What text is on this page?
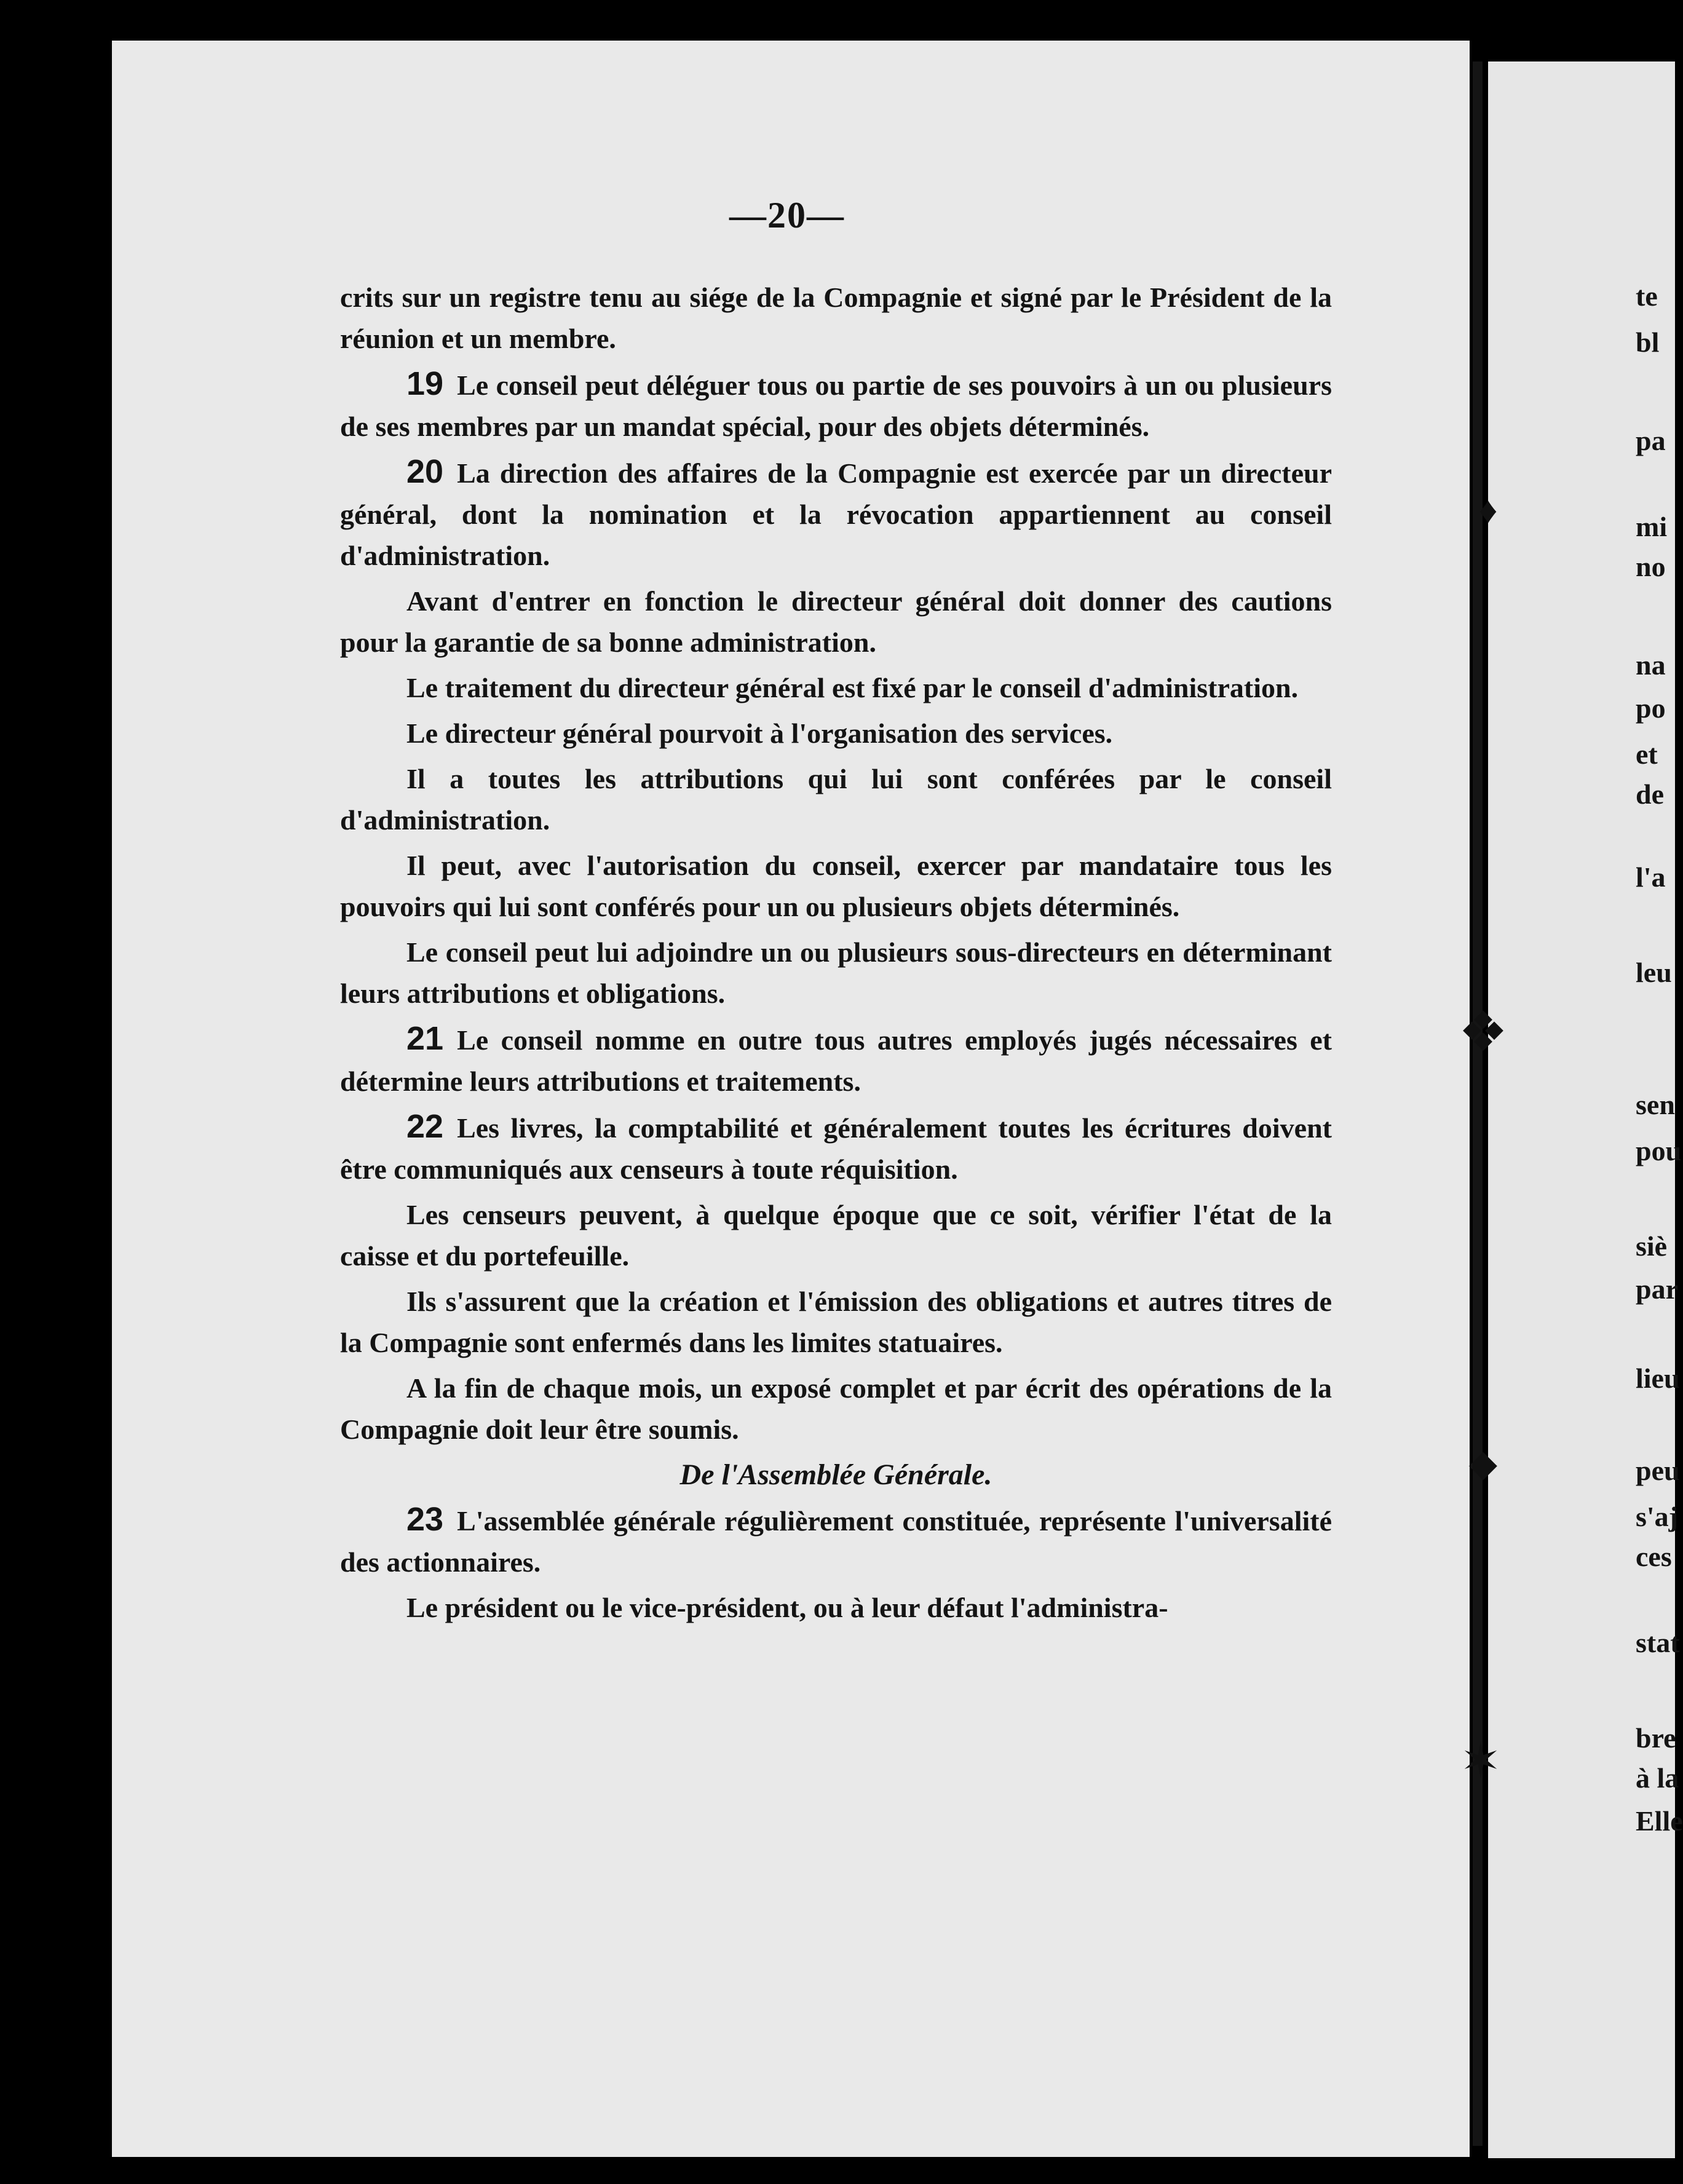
♦
❖
◆
✶
—20—

crits sur un registre tenu au siége de la Compagnie et signé par le Président de la réunion et un membre.

19 Le conseil peut déléguer tous ou partie de ses pouvoirs à un ou plusieurs de ses membres par un mandat spécial, pour des objets déterminés.

20 La direction des affaires de la Compagnie est exercée par un directeur général, dont la nomination et la révocation appartiennent au conseil d'administration.

Avant d'entrer en fonction le directeur général doit donner des cautions pour la garantie de sa bonne administration.

Le traitement du directeur général est fixé par le conseil d'administration.

Le directeur général pourvoit à l'organisation des services.

Il a toutes les attributions qui lui sont conférées par le conseil d'administration.

Il peut, avec l'autorisation du conseil, exercer par mandataire tous les pouvoirs qui lui sont conférés pour un ou plusieurs objets déterminés.

Le conseil peut lui adjoindre un ou plusieurs sous-directeurs en déterminant leurs attributions et obligations.

21 Le conseil nomme en outre tous autres employés jugés nécessaires et détermine leurs attributions et traitements.

22 Les livres, la comptabilité et généralement toutes les écritures doivent être communiqués aux censeurs à toute réquisition.

Les censeurs peuvent, à quelque époque que ce soit, vérifier l'état de la caisse et du portefeuille.

Ils s'assurent que la création et l'émission des obligations et autres titres de la Compagnie sont enfermés dans les limites statuaires.

A la fin de chaque mois, un exposé complet et par écrit des opérations de la Compagnie doit leur être soumis.

De l'Assemblée Générale.

23 L'assemblée générale régulièrement constituée, représente l'universalité des actionnaires.

Le président ou le vice-président, ou à leur défaut l'administra-

te
bl
pa
mi
no
na
po
et
de
l'a
leu
sen
pou
siè
par
lieu
peu
s'aj
ces
stat
bre
à la
Elle
